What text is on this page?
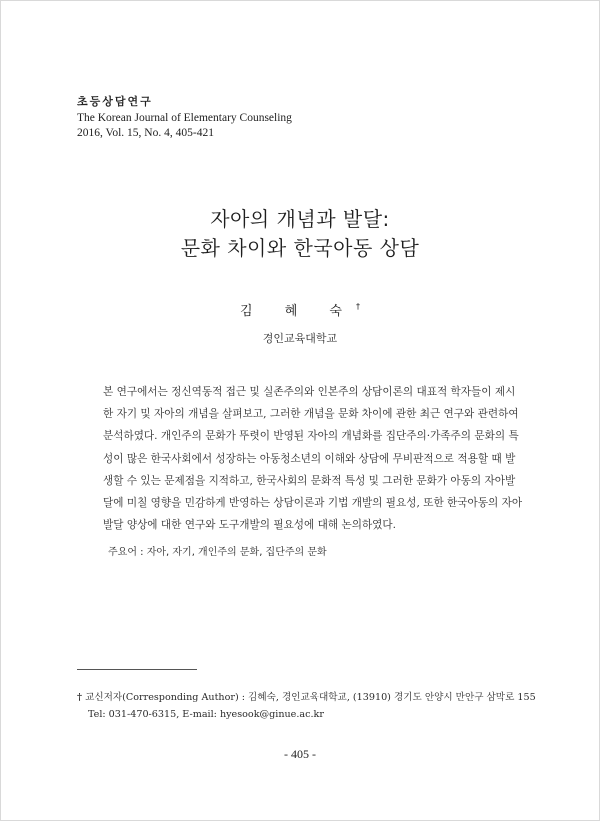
초등상담연구
The Korean Journal of Elementary Counseling
2016, Vol. 15, No. 4, 405-421
자아의 개념과 발달:
문화 차이와 한국아동 상담
김 혜 숙†
경인교육대학교
본 연구에서는 정신역동적 접근 및 실존주의와 인본주의 상담이론의 대표적 학자들이 제시
한 자기 및 자아의 개념을 살펴보고, 그러한 개념을 문화 차이에 관한 최근 연구와 관련하여
분석하였다. 개인주의 문화가 뚜렷이 반영된 자아의 개념화를 집단주의·가족주의 문화의 특
성이 많은 한국사회에서 성장하는 아동청소년의 이해와 상담에 무비판적으로 적용할 때 발
생할 수 있는 문제점을 지적하고, 한국사회의 문화적 특성 및 그러한 문화가 아동의 자아발
달에 미칠 영향을 민감하게 반영하는 상담이론과 기법 개발의 필요성, 또한 한국아동의 자아
발달 양상에 대한 연구와 도구개발의 필요성에 대해 논의하였다.
주요어 : 자아, 자기, 개인주의 문화, 집단주의 문화
† 교신저자(Corresponding Author) : 김혜숙, 경인교육대학교, (13910) 경기도 안양시 만안구 삼막로 155
Tel: 031-470-6315, E-mail: hyesook@ginue.ac.kr
- 405 -
